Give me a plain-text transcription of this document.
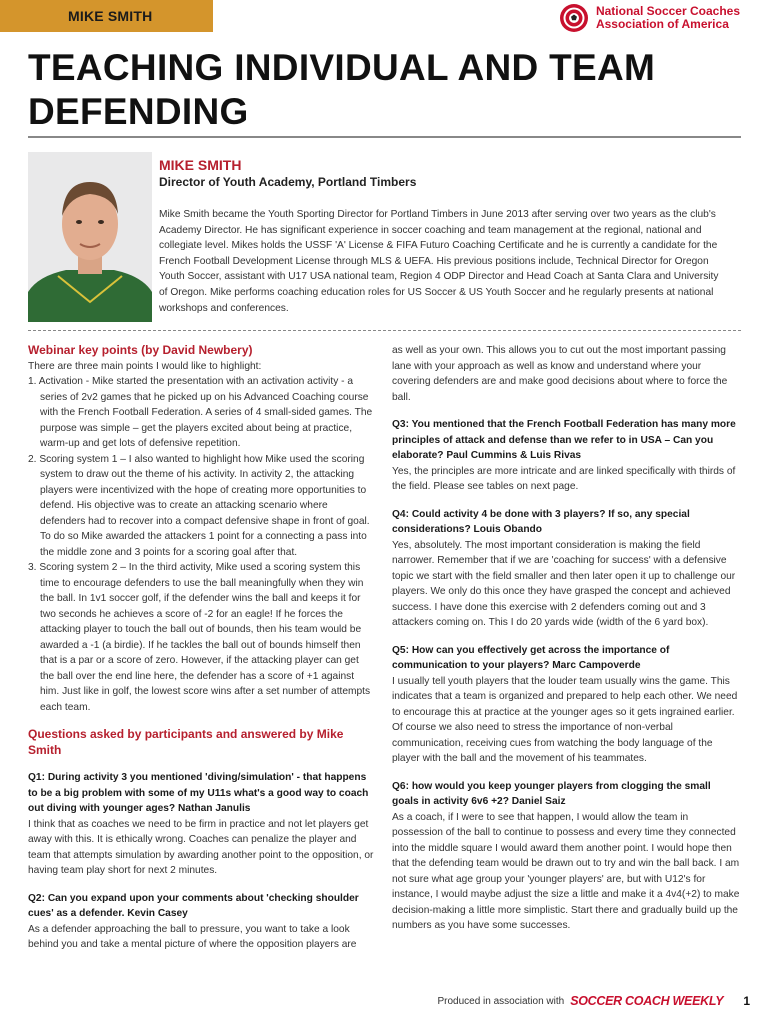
MIKE SMITH	National Soccer Coaches
Association of America
TEACHING INDIVIDUAL AND TEAM DEFENDING
MIKE SMITH
Director of Youth Academy, Portland Timbers

Mike Smith became the Youth Sporting Director for Portland Timbers in June 2013 after serving over two years as the club's Academy Director. He has significant experience in soccer coaching and team management at the regional, national and collegiate level. Mikes holds the USSF 'A' License & FIFA Futuro Coaching Certificate and he is currently a candidate for the French Football Development License through MLS & UEFA. His previous positions include, Technical Director for Oregon Youth Soccer, assistant with U17 USA national team, Region 4 ODP Director and Head Coach at Santa Clara and University of Oregon. Mike performs coaching education roles for US Soccer & US Youth Soccer and he regularly presents at national workshops and conferences.

Webinar key points (by David Newbery)

There are three main points I would like to highlight:

1. Activation - Mike started the presentation with an activation activity - a series of 2v2 games that he picked up on his Advanced Coaching course with the French Football Federation. A series of 4 small-sided games. The purpose was simple – get the players excited about being at practice, warm-up and get lots of defensive repetition.

2. Scoring system 1 – I also wanted to highlight how Mike used the scoring system to draw out the theme of his activity. In activity 2, the attacking players were incentivized with the hope of creating more opportunities to defend. His objective was to create an attacking scenario where defenders had to recover into a compact defensive shape in front of goal. To do so Mike awarded the attackers 1 point for a connecting a pass into the middle zone and 3 points for a scoring goal after that.

3. Scoring system 2 – In the third activity, Mike used a scoring system this time to encourage defenders to use the ball meaningfully when they win the ball. In 1v1 soccer golf, if the defender wins the ball and keeps it for two seconds he achieves a score of -2 for an eagle! If he forces the attacking player to touch the ball out of bounds, then his team would be awarded a -1 (a birdie). If he tackles the ball out of bounds himself then that is a par or a score of zero. However, if the attacking player can get the ball over the end line here, the defender has a score of +1 against him. Just like in golf, the lowest score wins after a set number of attempts each team.

Questions asked by participants and answered by Mike Smith

Q1: During activity 3 you mentioned 'diving/simulation' - that happens to be a big problem with some of my U11s what's a good way to coach out diving with younger ages? Nathan Janulis

I think that as coaches we need to be firm in practice and not let players get away with this. It is ethically wrong. Coaches can penalize the player and team that attempts simulation by awarding another point to the opposition, or having team play short for next 2 minutes.

Q2: Can you expand upon your comments about 'checking shoulder cues' as a defender. Kevin Casey

As a defender approaching the ball to pressure, you want to take a look behind you and take a mental picture of where the opposition players are

as well as your own. This allows you to cut out the most important passing lane with your approach as well as know and understand where your covering defenders are and make good decisions about where to force the ball.

Q3: You mentioned that the French Football Federation has many more principles of attack and defense than we refer to in USA – Can you elaborate? Paul Cummins & Luis Rivas

Yes, the principles are more intricate and are linked specifically with thirds of the field. Please see tables on next page.

Q4: Could activity 4 be done with 3 players? If so, any special considerations? Louis Obando

Yes, absolutely. The most important consideration is making the field narrower. Remember that if we are 'coaching for success' with a defensive topic we start with the field smaller and then later open it up to challenge our players. We only do this once they have grasped the concept and achieved success. I have done this exercise with 2 defenders coming out and 3 attackers coming on. This I do 20 yards wide (width of the 6 yard box).

Q5: How can you effectively get across the importance of communication to your players? Marc Campoverde

I usually tell youth players that the louder team usually wins the game. This indicates that a team is organized and prepared to help each other. We need to encourage this at practice at the younger ages so it gets ingrained earlier. Of course we also need to stress the importance of non-verbal communication, receiving cues from watching the body language of the player with the ball and the movement of his teammates.

Q6: how would you keep younger players from clogging the small goals in activity 6v6 +2? Daniel Saiz

As a coach, if I were to see that happen, I would allow the team in possession of the ball to continue to possess and every time they connected into the middle square I would award them another point. I would hope then that the defending team would be drawn out to try and win the ball back. I am not sure what age group your 'younger players' are, but with U12's for instance, I would maybe adjust the size a little and make it a 4v4(+2) to make decision-making a little more simplistic. Start there and gradually build up the numbers as you have some successes.

Produced in association with SOCCER COACH WEEKLY 1
